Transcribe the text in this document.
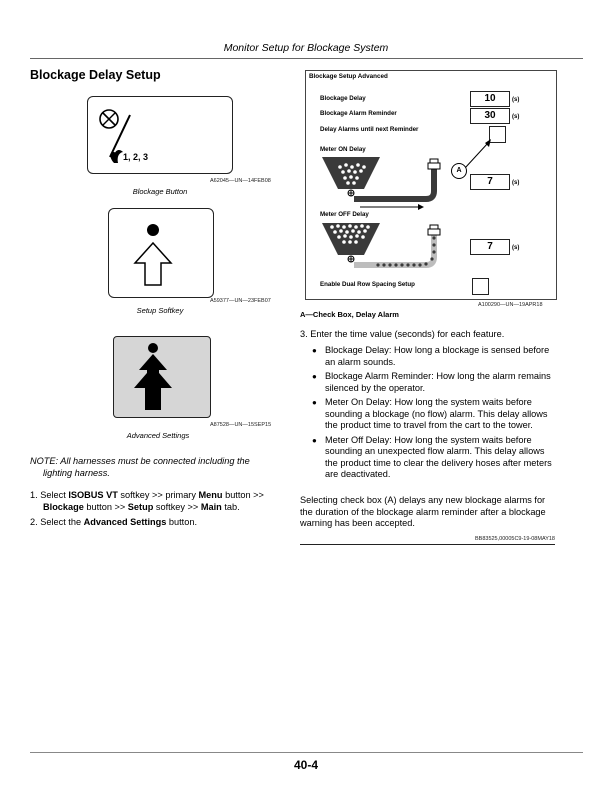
Monitor Setup for Blockage System
Blockage Delay Setup
1, 2, 3
A62045—UN—14FEB08
Blockage Button
A59377—UN—23FEB07
Setup Softkey
A87528—UN—15SEP15
Advanced Settings
NOTE: All harnesses must be connected including the
lighting harness.
1. Select ISOBUS VT softkey >> primary Menu button >> Blockage button >> Setup softkey >> Main tab.
2. Select the Advanced Settings button.
Blockage Setup Advanced
Blockage Delay	10	(s)
Blockage Alarm Reminder	30	(s)
Delay Alarms until next Reminder
Meter ON Delay
7	(s)
Meter OFF Delay
7	(s)
Enable Dual Row Spacing Setup
A
A100290—UN—19APR18
A—Check Box, Delay Alarm
3. Enter the time value (seconds) for each feature.
● Blockage Delay: How long a blockage is sensed before an alarm sounds.
● Blockage Alarm Reminder: How long the alarm remains silenced by the operator.
● Meter On Delay: How long the system waits before sounding a blockage (no flow) alarm. This delay allows the product time to travel from the cart to the tower.
● Meter Off Delay: How long the system waits before sounding an unexpected flow alarm. This delay allows the product time to clear the delivery hoses after meters are deactivated.
Selecting check box (A) delays any new blockage alarms for the duration of the blockage alarm reminder after a blockage warning has been accepted.
BB83525,00005C9-19-08MAY18
40-4
